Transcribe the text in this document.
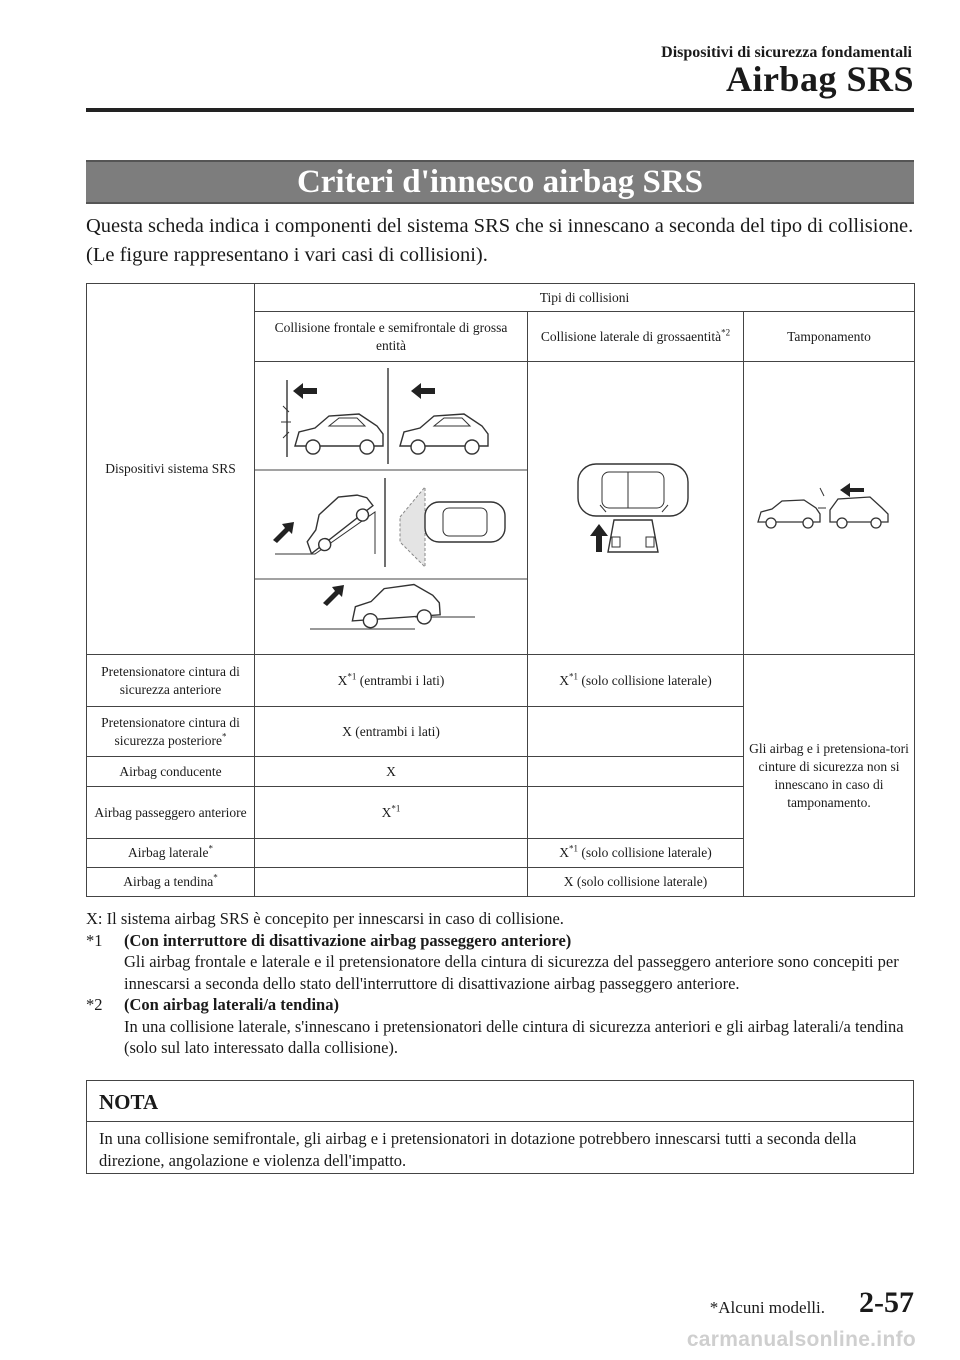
Dispositivi di sicurezza fondamentali
Airbag SRS
Criteri d'innesco airbag SRS
Questa scheda indica i componenti del sistema SRS che si innescano a seconda del tipo di collisione. (Le figure rappresentano i vari casi di collisioni).
Dispositivi sistema SRS	Tipi di collisioni		
	Collisione frontale e semifrontale di grossa entità	Collisione laterale di grossaentità$^{*2}$	Tamponamento

Pretensionatore cintura di sicurezza anteriore	$X^{*1}$ (entrambi i lati)	$X^{*1}$ (solo collisione laterale)	Gli airbag e i pretensiona-tori cinture di sicurezza non si innescano in caso di tamponamento.
Pretensionatore cintura di sicurezza posteriore*	X (entrambi i lati)		
Airbag conducente	X		
Airbag passeggero anteriore	$X^{*1}$	
Airbag laterale*		$X^{*1}$ (solo collisione laterale)	
Airbag a tendina*		X (solo collisione laterale)	
X: Il sistema airbag SRS è concepito per innescarsi in caso di collisione.
*1 (Con interruttore di disattivazione airbag passeggero anteriore)
Gli airbag frontale e laterale e il pretensionatore della cintura di sicurezza del passeggero anteriore sono concepiti per innescarsi a seconda dello stato dell'interruttore di disattivazione airbag passeggero anteriore.
*2 (Con airbag laterali/a tendina)
In una collisione laterale, s'innescano i pretensionatori delle cintura di sicurezza anteriori e gli airbag laterali/a tendina (solo sul lato interessato dalla collisione).
NOTA
In una collisione semifrontale, gli airbag e i pretensionatori in dotazione potrebbero innescarsi tutti a seconda della direzione, angolazione e violenza dell'impatto.
*Alcuni modelli. 2-57
carmanualsonline.info
